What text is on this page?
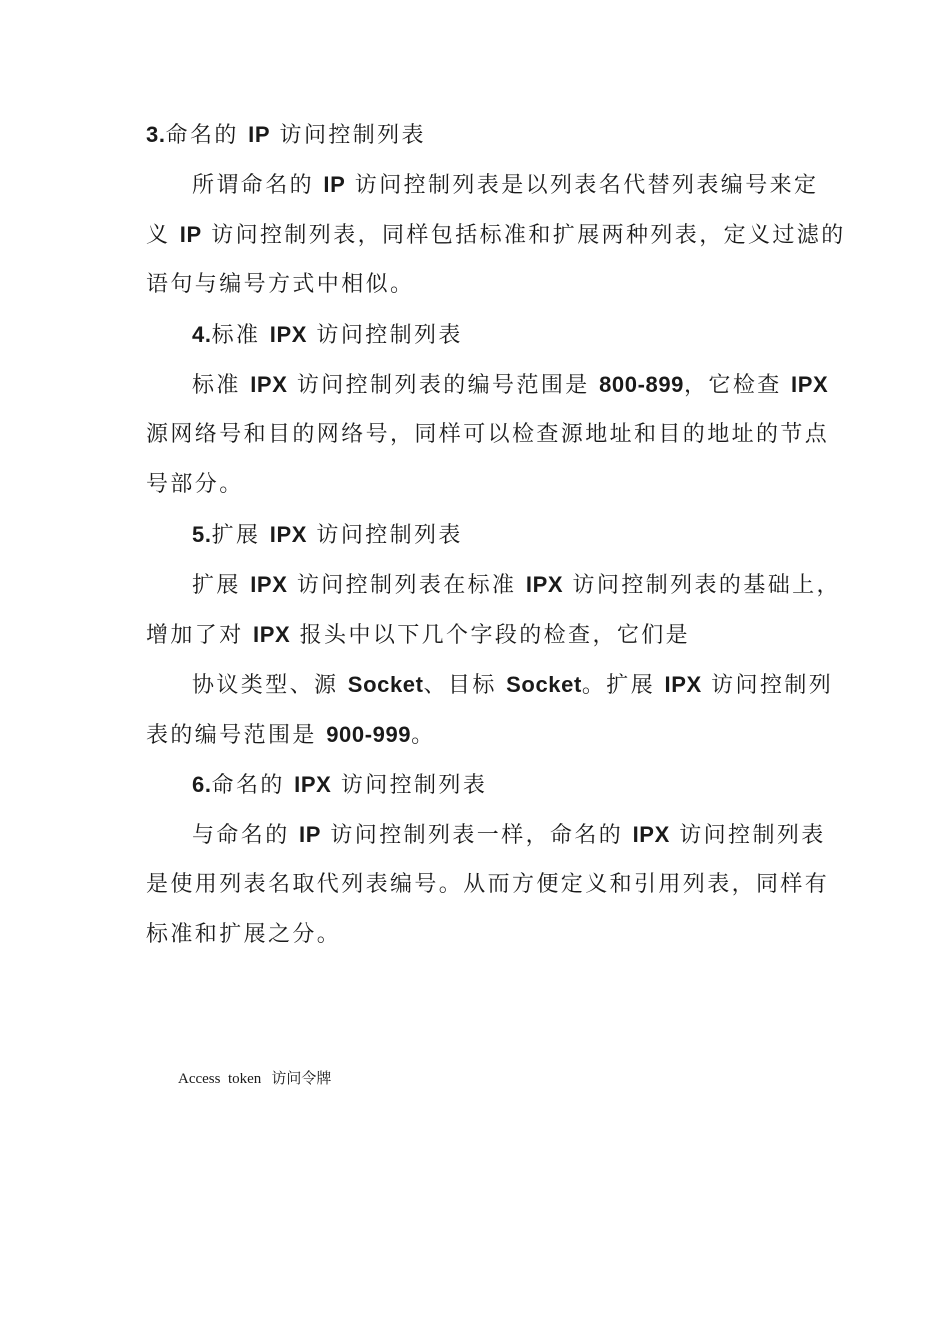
3.命名的 IP 访问控制列表
所谓命名的 IP 访问控制列表是以列表名代替列表编号来定
义 IP 访问控制列表，同样包括标准和扩展两种列表，定义过滤的
语句与编号方式中相似。
4.标准 IPX 访问控制列表
标准 IPX 访问控制列表的编号范围是 800-899，它检查 IPX
源网络号和目的网络号，同样可以检查源地址和目的地址的节点
号部分。
5.扩展 IPX 访问控制列表
扩展 IPX 访问控制列表在标准 IPX 访问控制列表的基础上，
增加了对 IPX 报头中以下几个字段的检查，它们是
协议类型、源 Socket、目标 Socket。扩展 IPX 访问控制列
表的编号范围是 900-999。
6.命名的 IPX 访问控制列表
与命名的 IP 访问控制列表一样，命名的 IPX 访问控制列表
是使用列表名取代列表编号。从而方便定义和引用列表，同样有
标准和扩展之分。
Access  token 访问令牌
